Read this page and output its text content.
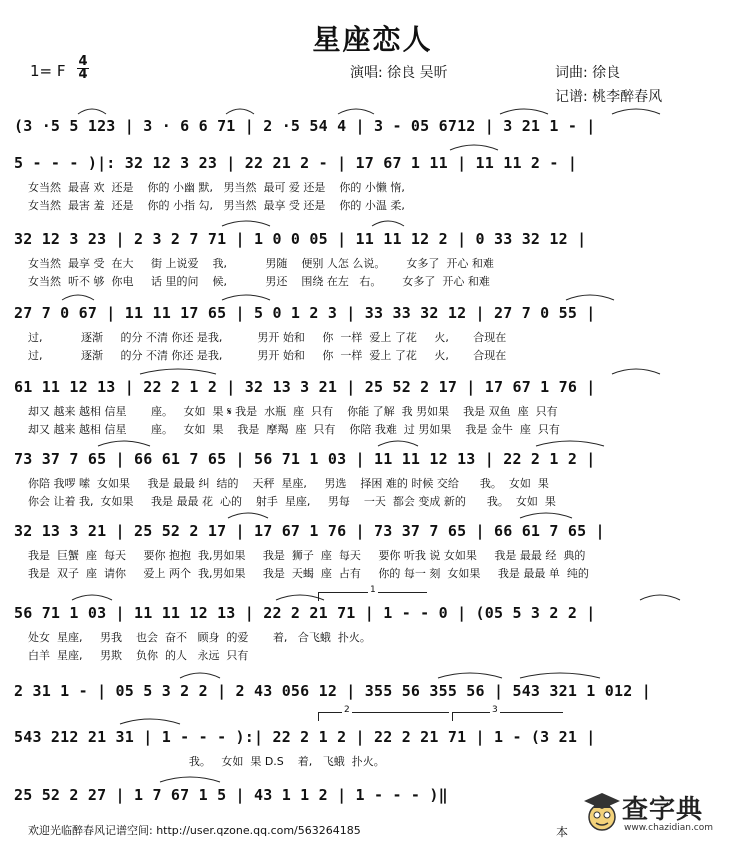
星座恋人
1= F
4
4	演唱: 徐良 吴昕	词曲: 徐良
记谱: 桃李醉春风
(3 ·5 5 123 | 3 · 6 6 71 | 2 ·5 54 4 | 3 - 05 6712 | 3 21 1 - |
5 - - - )|: 32 12 3 23 | 22 21 2 - | 17 67 1 11 | 11 11 2 - |
女当然  最喜 欢  还是    你的 小幽 默,   男当然  最可 爱 还是    你的 小懒 惰,
女当然  最害 羞  还是    你的 小指 勾,   男当然  最享 受 还是    你的 小温 柔,
32 12 3 23 | 2 3 2 7 71 | 1 0 0 05 | 11 11 12 2 | 0 33 32 12 |
女当然  最享 受  在大     街 上说爱    我,           男随    便别 人怎 么说。      女多了  开心 和难
女当然  听不 够  你电     话 里的问    候,           男还    围绕 在左   右。      女多了  开心 和难
27 7 0 67 | 11 11 17 65 | 5 0 1 2 3 | 33 33 32 12 | 27 7 0 55 |
过,           逐渐     的分 不清 你还 是我,          男开 始和     你  一样  爱上 了花     火,       合现在
过,           逐渐     的分 不清 你还 是我,          男开 始和     你  一样  爱上 了花     火,       合现在
61 11 12 13 | 22 2 1 2 | 32 13 3 21 | 25 52 2 17 | 17 67 1 76 |
却又 越来 越相 信星       座。   女如  果 𝄋 我是  水瓶  座  只有    你能 了解  我 男如果    我是 双鱼  座  只有
却又 越来 越相 信星       座。   女如  果    我是  摩羯  座  只有    你陪 我难  过 男如果    我是 金牛  座  只有
73 37 7 65 | 66 61 7 65 | 56 71 1 03 | 11 11 12 13 | 22 2 1 2 |
你陪 我啰 嗦  女如果     我是 最最 纠  结的    天秤  星座,     男选    择困 难的 时候 交给      我。  女如  果
你会 让着 我,  女如果     我是 最最 花  心的    射手  星座,     男每    一天  都会 变成 新的      我。  女如  果
32 13 3 21 | 25 52 2 17 | 17 67 1 76 | 73 37 7 65 | 66 61 7 65 |
我是  巨蟹  座  每天     要你 抱抱  我,男如果     我是  狮子  座  每天     要你 听我 说 女如果     我是 最最 经  典的
我是  双子  座  请你     爱上 两个  我,男如果     我是  天蝎  座  占有     你的 每一 刻  女如果     我是 最最 单  纯的
1
56 71 1 03 | 11 11 12 13 | 22 2 21 71 | 1 - - 0 | (05 5 3 2 2 |
处女  星座,     男我    也会  奋不   顾身  的爱       着,   合飞蛾  扑火。
白羊  星座,     男欺    负你  的人   永远  只有
2 31 1 - | 05 5 3 2 2 | 2 43 056 12 | 355 56 355 56 | 543 321 1 012 |
2	3
543 212 21 31 | 1 - - - ):| 22 2 1 2 | 22 2 21 71 | 1 - (3 21 |
我。   女如  果 D.S    着,   飞蛾  扑火。
25 52 2 27 | 1 7 67 1 5 | 43 1 1 2 | 1 - - - )‖
欢迎光临醉春风记谱空间: http://user.qzone.qq.com/563264185	本
查字典
www.chazidian.com
